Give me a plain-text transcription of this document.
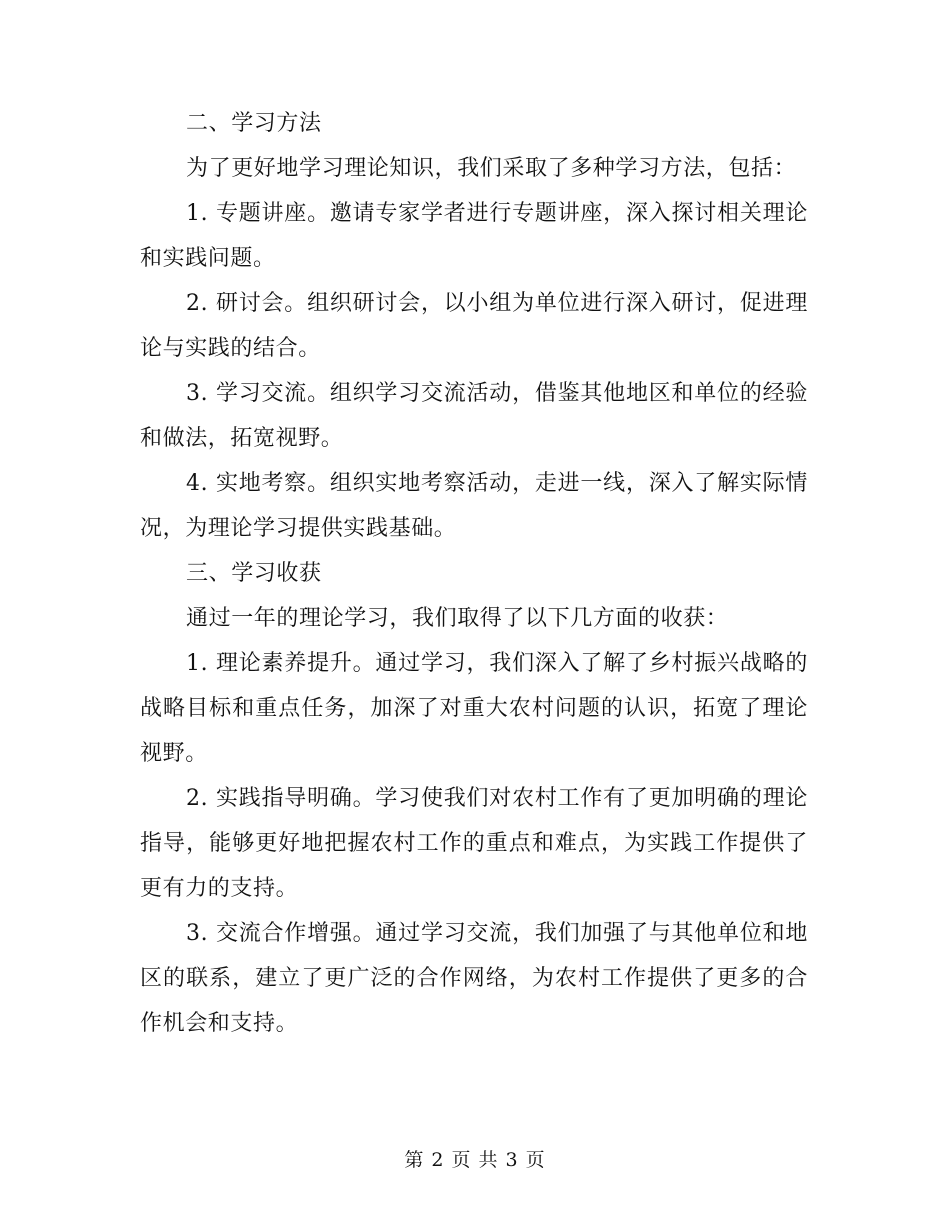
二、学习方法

为了更好地学习理论知识，我们采取了多种学习方法，包括：

1. 专题讲座。邀请专家学者进行专题讲座，深入探讨相关理论和实践问题。

2. 研讨会。组织研讨会，以小组为单位进行深入研讨，促进理论与实践的结合。

3. 学习交流。组织学习交流活动，借鉴其他地区和单位的经验和做法，拓宽视野。

4. 实地考察。组织实地考察活动，走进一线，深入了解实际情况，为理论学习提供实践基础。

三、学习收获

通过一年的理论学习，我们取得了以下几方面的收获：

1. 理论素养提升。通过学习，我们深入了解了乡村振兴战略的战略目标和重点任务，加深了对重大农村问题的认识，拓宽了理论视野。

2. 实践指导明确。学习使我们对农村工作有了更加明确的理论指导，能够更好地把握农村工作的重点和难点，为实践工作提供了更有力的支持。

3. 交流合作增强。通过学习交流，我们加强了与其他单位和地区的联系，建立了更广泛的合作网络，为农村工作提供了更多的合作机会和支持。

第 2 页 共 3 页
